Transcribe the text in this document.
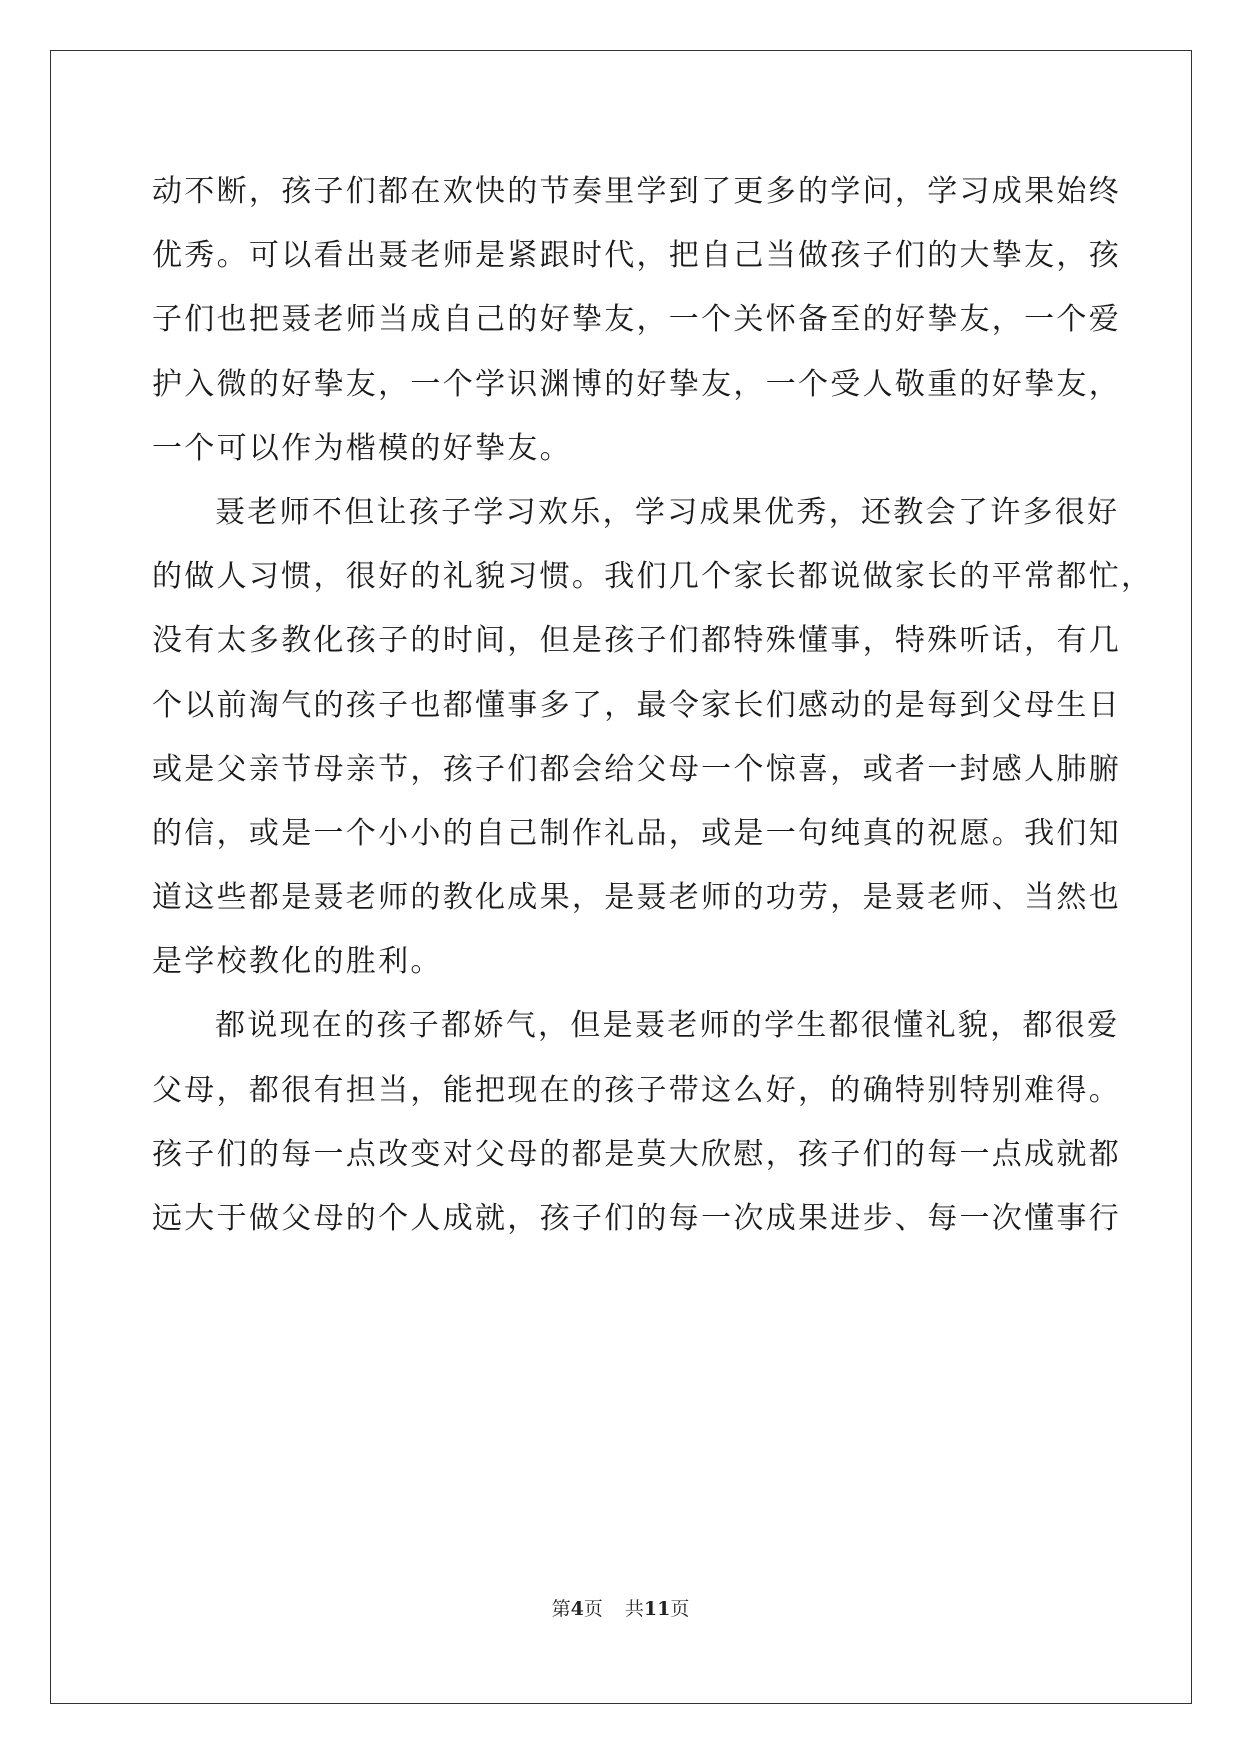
动不断，孩子们都在欢快的节奏里学到了更多的学问，学习成果始终

优秀。可以看出聂老师是紧跟时代，把自己当做孩子们的大挚友，孩

子们也把聂老师当成自己的好挚友，一个关怀备至的好挚友，一个爱

护入微的好挚友，一个学识渊博的好挚友，一个受人敬重的好挚友，

一个可以作为楷模的好挚友。

聂老师不但让孩子学习欢乐，学习成果优秀，还教会了许多很好

的做人习惯，很好的礼貌习惯。我们几个家长都说做家长的平常都忙，

没有太多教化孩子的时间，但是孩子们都特殊懂事，特殊听话，有几

个以前淘气的孩子也都懂事多了，最令家长们感动的是每到父母生日

或是父亲节母亲节，孩子们都会给父母一个惊喜，或者一封感人肺腑

的信，或是一个小小的自己制作礼品，或是一句纯真的祝愿。我们知

道这些都是聂老师的教化成果，是聂老师的功劳，是聂老师、当然也

是学校教化的胜利。

都说现在的孩子都娇气，但是聂老师的学生都很懂礼貌，都很爱

父母，都很有担当，能把现在的孩子带这么好，的确特别特别难得。

孩子们的每一点改变对父母的都是莫大欣慰，孩子们的每一点成就都

远大于做父母的个人成就，孩子们的每一次成果进步、每一次懂事行

第4页 共11页
